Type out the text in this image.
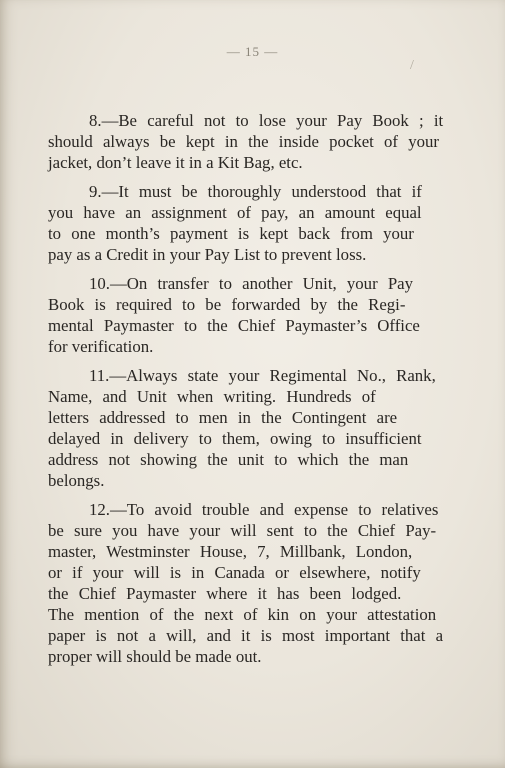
— 15 —
/
8.—Be careful not to lose your Pay Book ; it
should always be kept in the inside pocket of your
jacket, don’t leave it in a Kit Bag, etc.
9.—It must be thoroughly understood that if
you have an assignment of pay, an amount equal
to one month’s payment is kept back from your
pay as a Credit in your Pay List to prevent loss.
10.—On transfer to another Unit, your Pay
Book is required to be forwarded by the Regi-
mental Paymaster to the Chief Paymaster’s Office
for verification.
11.—Always state your Regimental No., Rank,
Name, and Unit when writing. Hundreds of
letters addressed to men in the Contingent are
delayed in delivery to them, owing to insufficient
address not showing the unit to which the man
belongs.
12.—To avoid trouble and expense to relatives
be sure you have your will sent to the Chief Pay-
master, Westminster House, 7, Millbank, London,
or if your will is in Canada or elsewhere, notify
the Chief Paymaster where it has been lodged.
The mention of the next of kin on your attestation
paper is not a will, and it is most important that a
proper will should be made out.
